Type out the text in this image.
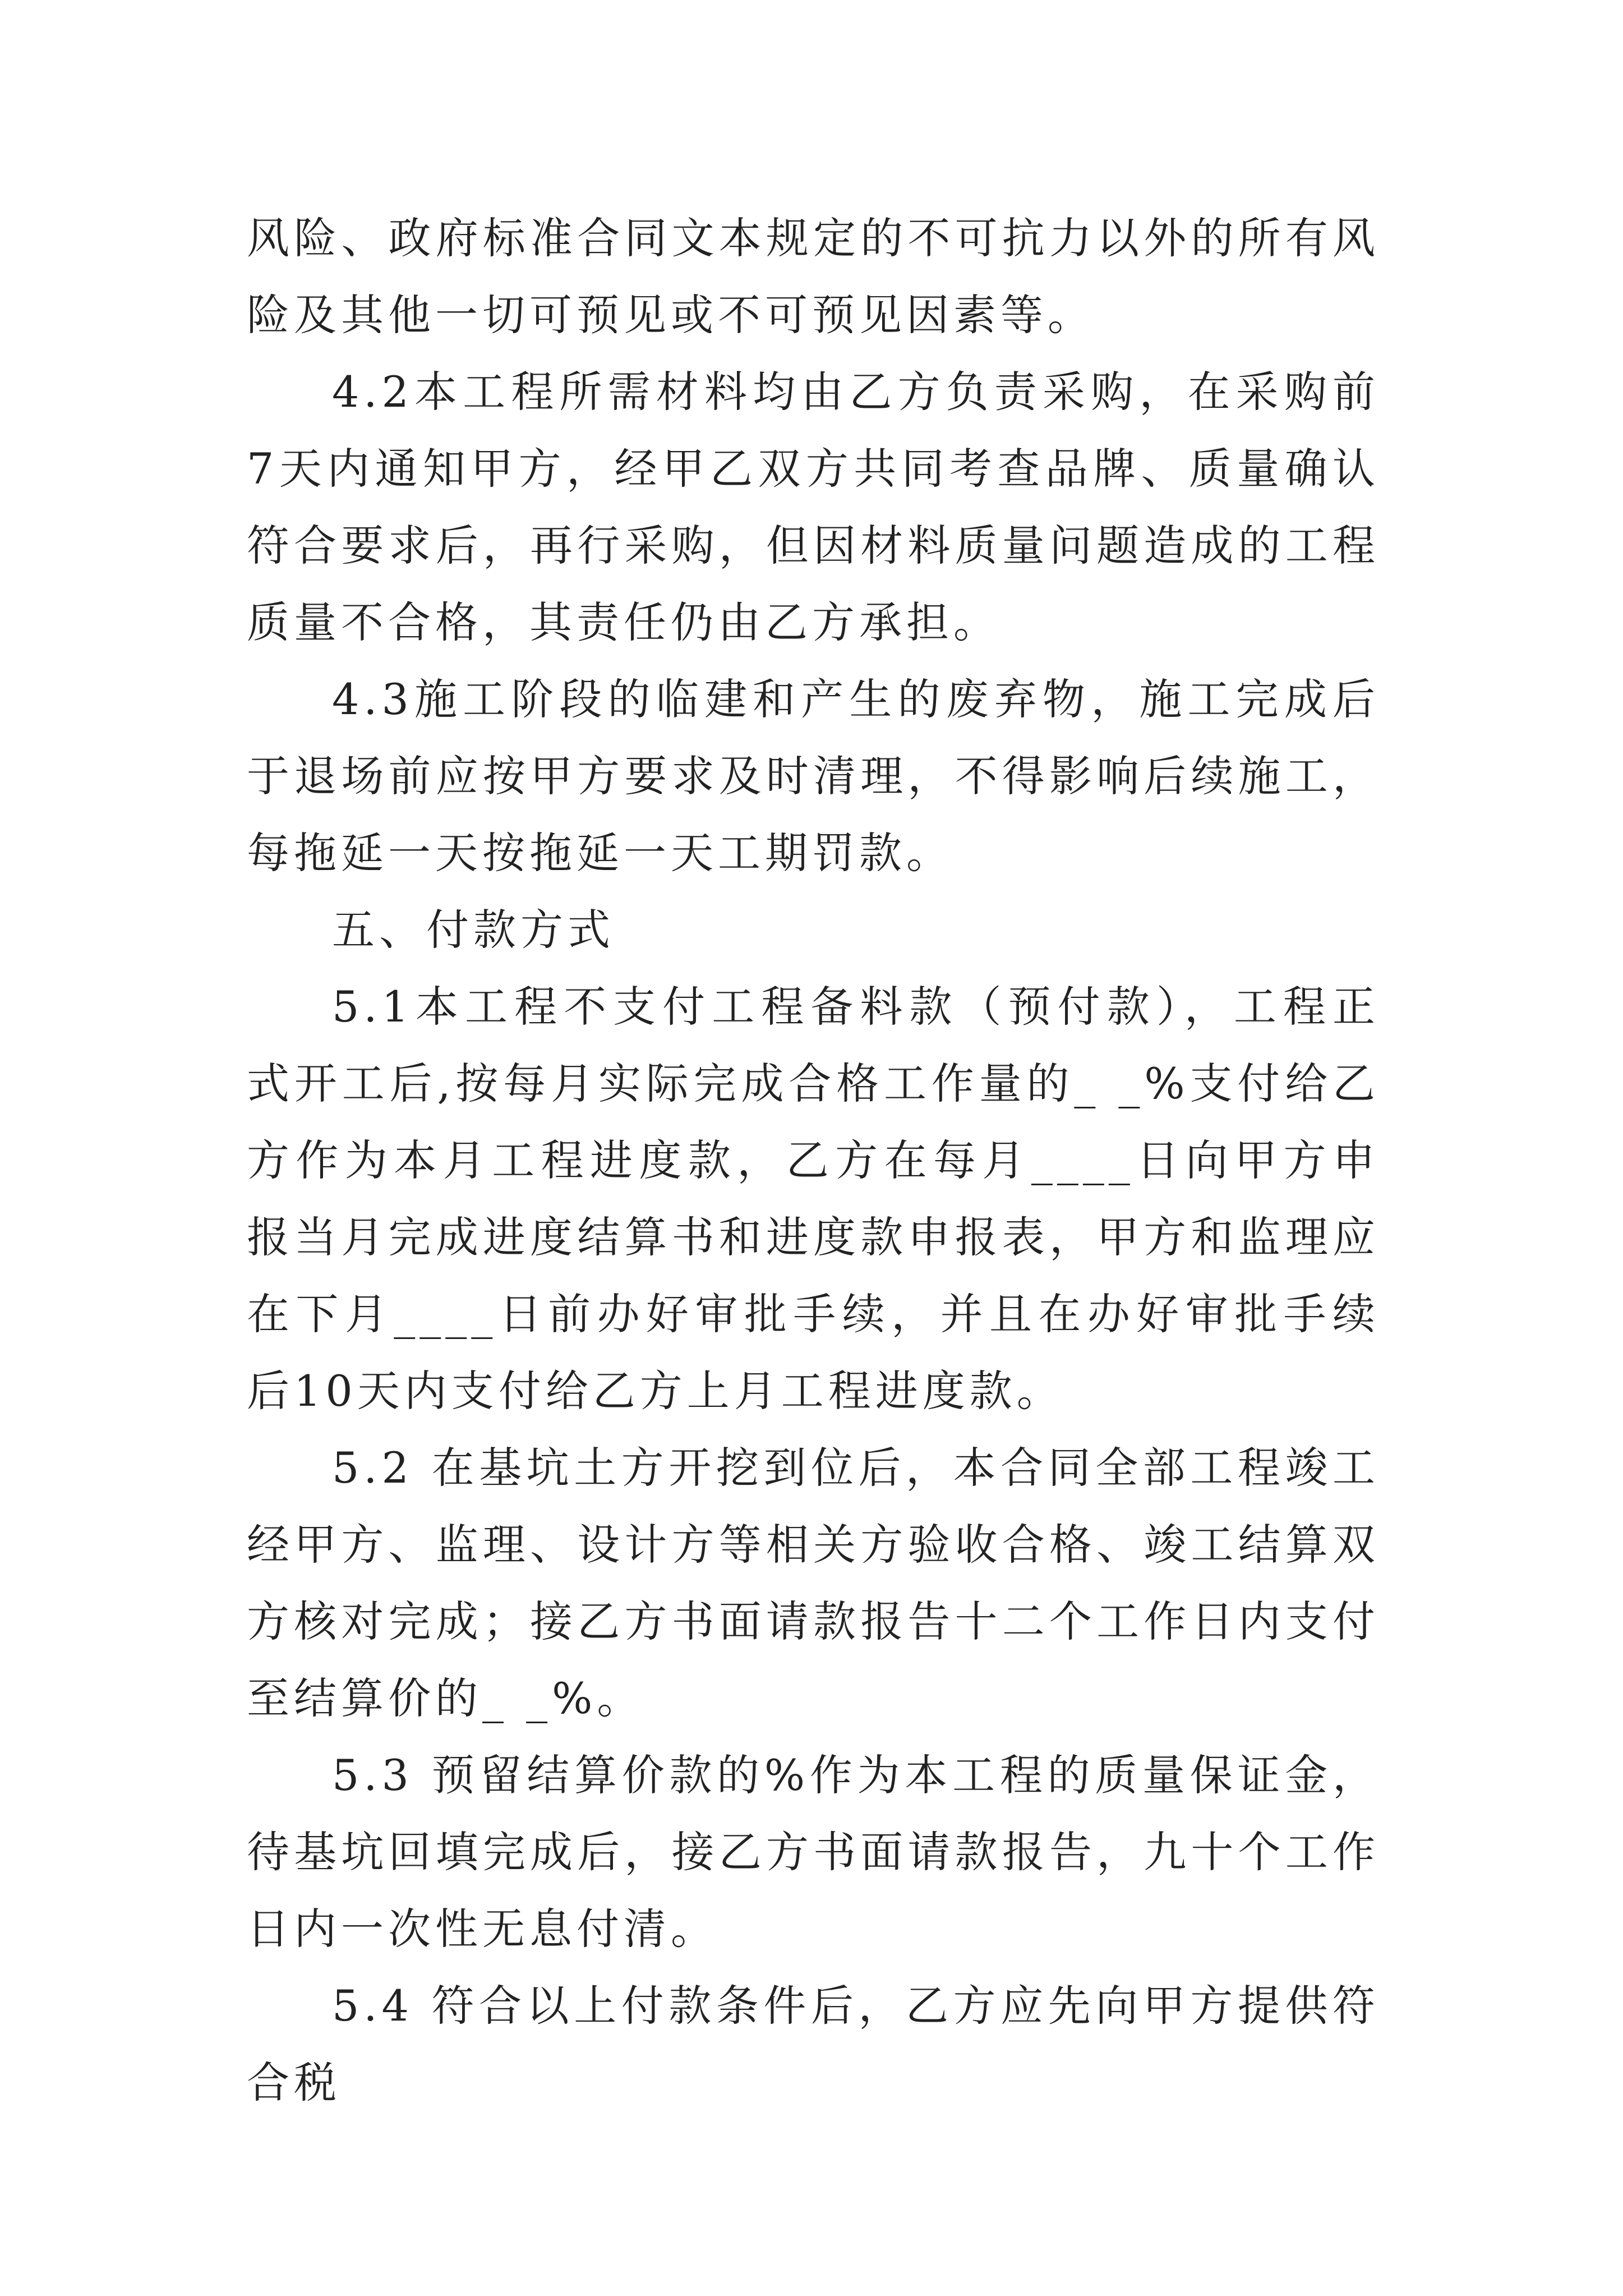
风险、政府标准合同文本规定的不可抗力以外的所有风险及其他一切可预见或不可预见因素等。

4.2本工程所需材料均由乙方负责采购，在采购前7天内通知甲方，经甲乙双方共同考查品牌、质量确认符合要求后，再行采购，但因材料质量问题造成的工程质量不合格，其责任仍由乙方承担。

4.3施工阶段的临建和产生的废弃物，施工完成后于退场前应按甲方要求及时清理，不得影响后续施工，每拖延一天按拖延一天工期罚款。

五、付款方式

5.1本工程不支付工程备料款（预付款），工程正式开工后,按每月实际完成合格工作量的_ _%支付给乙方作为本月工程进度款，乙方在每月____日向甲方申报当月完成进度结算书和进度款申报表，甲方和监理应在下月____日前办好审批手续，并且在办好审批手续后10天内支付给乙方上月工程进度款。

5.2 在基坑土方开挖到位后，本合同全部工程竣工经甲方、监理、设计方等相关方验收合格、竣工结算双方核对完成；接乙方书面请款报告十二个工作日内支付至结算价的_ _%。

5.3 预留结算价款的%作为本工程的质量保证金，待基坑回填完成后，接乙方书面请款报告，九十个工作日内一次性无息付清。

5.4 符合以上付款条件后，乙方应先向甲方提供符合税
